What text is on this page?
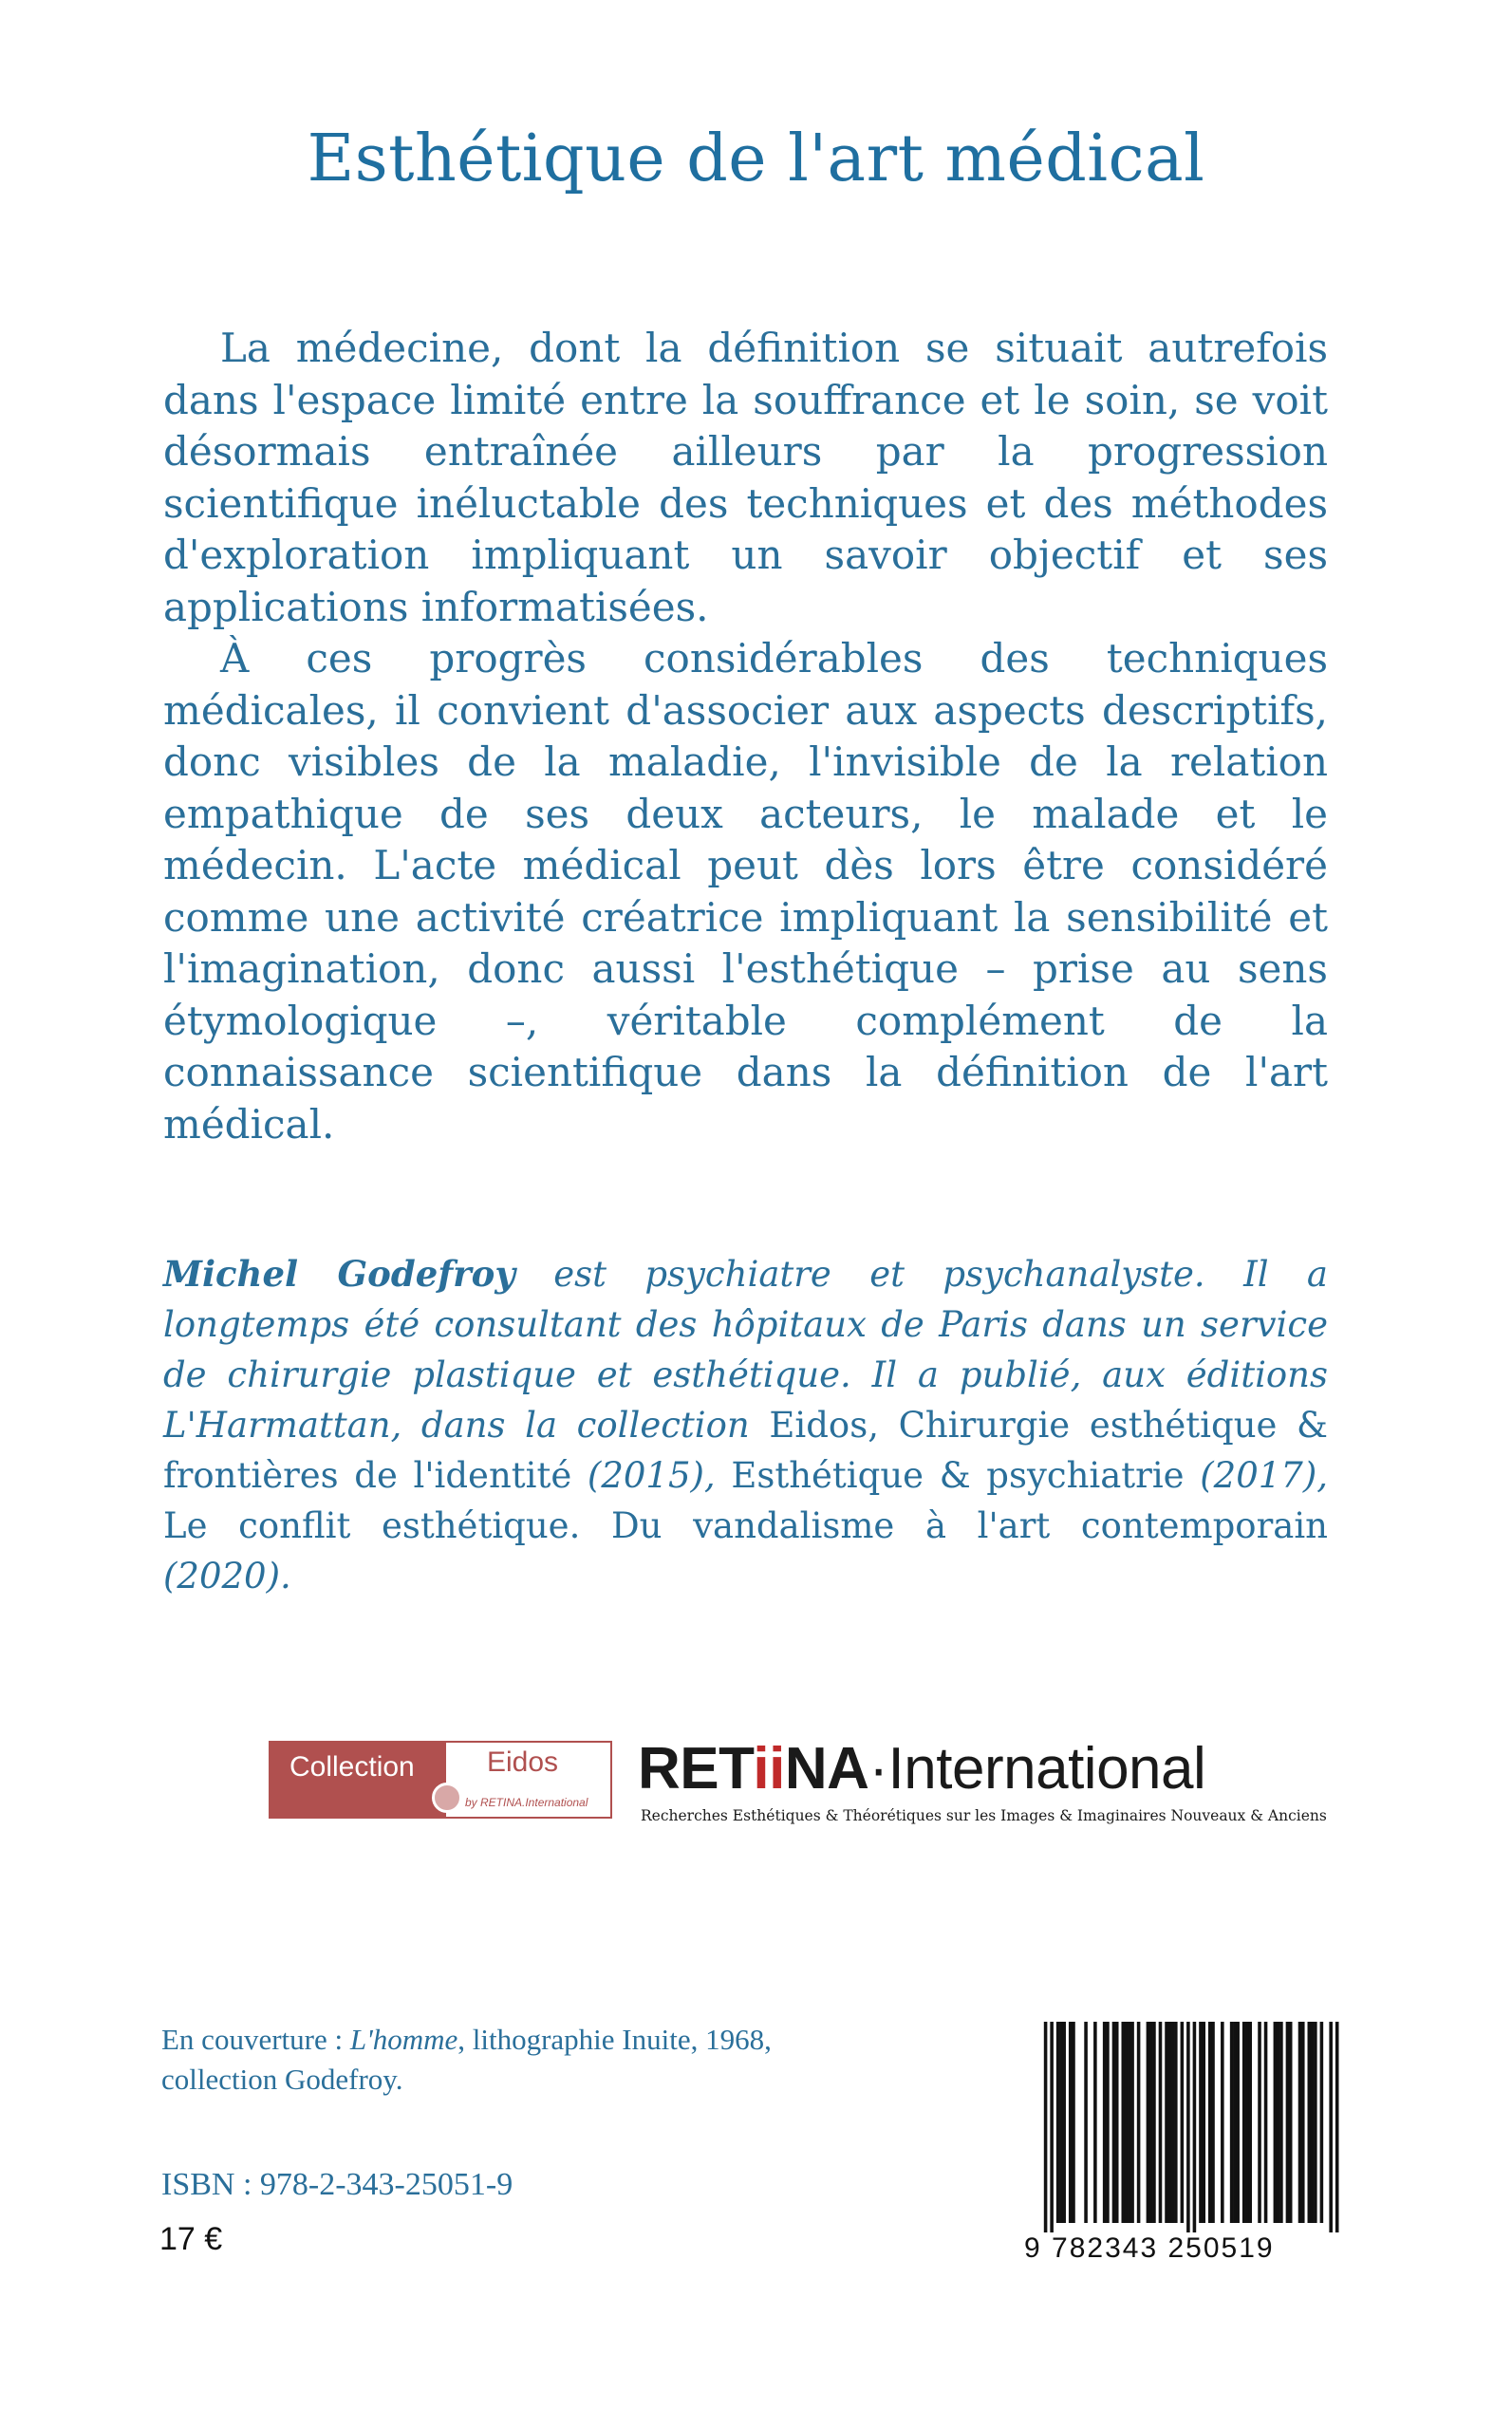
Esthétique de l'art médical

La médecine, dont la définition se situait autrefois dans l'espace limité entre la souffrance et le soin, se voit désormais entraînée ailleurs par la progression scientifique inéluctable des techniques et des méthodes d'exploration impliquant un savoir objectif et ses applications informatisées.

À ces progrès considérables des techniques médicales, il convient d'associer aux aspects descriptifs, donc visibles de la maladie, l'invisible de la relation empathique de ses deux acteurs, le malade et le médecin. L'acte médical peut dès lors être considéré comme une activité créatrice impliquant la sensibilité et l'imagination, donc aussi l'esthétique – prise au sens étymologique –, véritable complément de la connaissance scientifique dans la définition de l'art médical.

Michel Godefroy est psychiatre et psychanalyste. Il a longtemps été consultant des hôpitaux de Paris dans un service de chirurgie plastique et esthétique. Il a publié, aux éditions L'Harmattan, dans la collection Eidos, Chirurgie esthétique & frontières de l'identité (2015), Esthétique & psychiatrie (2017), Le conflit esthétique. Du vandalisme à l'art contemporain (2020).

Collection	Eidos
by RETINA.International
RETiiNA·International
Recherches Esthétiques & Théorétiques sur les Images & Imaginaires Nouveaux & Anciens
En couverture : L'homme, lithographie Inuite, 1968,
collection Godefroy.
ISBN : 978-2-343-25051-9
17 €	9 782343 250519
